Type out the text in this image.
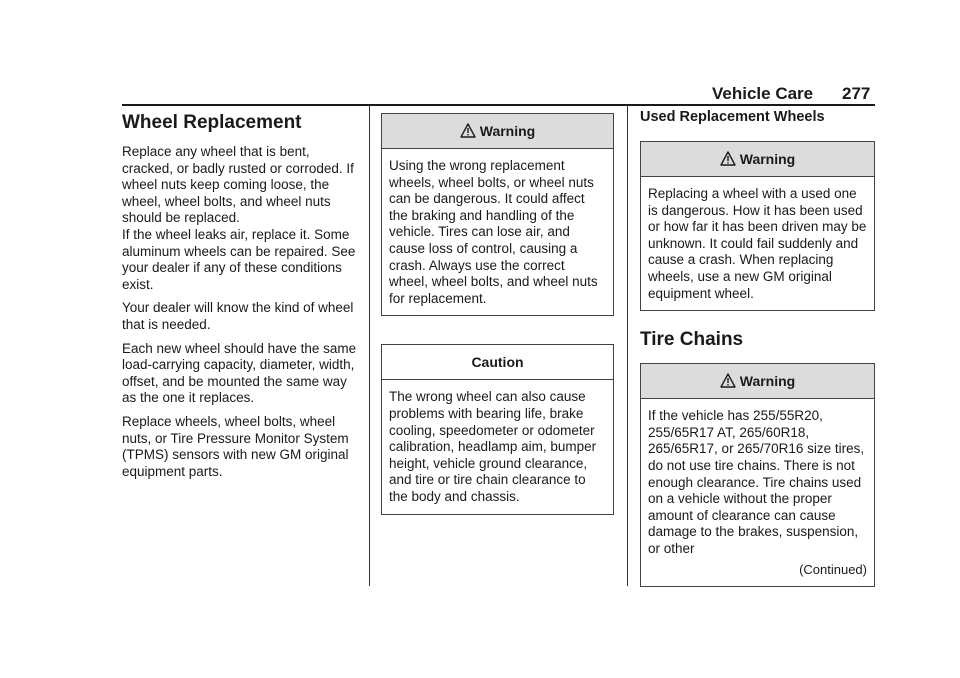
Vehicle Care 277
Wheel Replacement

Replace any wheel that is bent, cracked, or badly rusted or corroded. If wheel nuts keep coming loose, the wheel, wheel bolts, and wheel nuts should be replaced.

If the wheel leaks air, replace it. Some aluminum wheels can be repaired. See your dealer if any of these conditions exist.

Your dealer will know the kind of wheel that is needed.

Each new wheel should have the same load-carrying capacity, diameter, width, offset, and be mounted the same way as the one it replaces.

Replace wheels, wheel bolts, wheel nuts, or Tire Pressure Monitor System (TPMS) sensors with new GM original equipment parts.

Warning
Using the wrong replacement wheels, wheel bolts, or wheel nuts can be dangerous. It could affect the braking and handling of the vehicle. Tires can lose air, and cause loss of control, causing a crash. Always use the correct wheel, wheel bolts, and wheel nuts for replacement.
Caution
The wrong wheel can also cause problems with bearing life, brake cooling, speedometer or odometer calibration, headlamp aim, bumper height, vehicle ground clearance, and tire or tire chain clearance to the body and chassis.
Used Replacement Wheels
Warning
Replacing a wheel with a used one is dangerous. How it has been used or how far it has been driven may be unknown. It could fail suddenly and cause a crash. When replacing wheels, use a new GM original equipment wheel.
Tire Chains
Warning
If the vehicle has 255/55R20, 255/65R17 AT, 265/60R18, 265/65R17, or 265/70R16 size tires, do not use tire chains. There is not enough clearance. Tire chains used on a vehicle without the proper amount of clearance can cause damage to the brakes, suspension, or other
(Continued)
